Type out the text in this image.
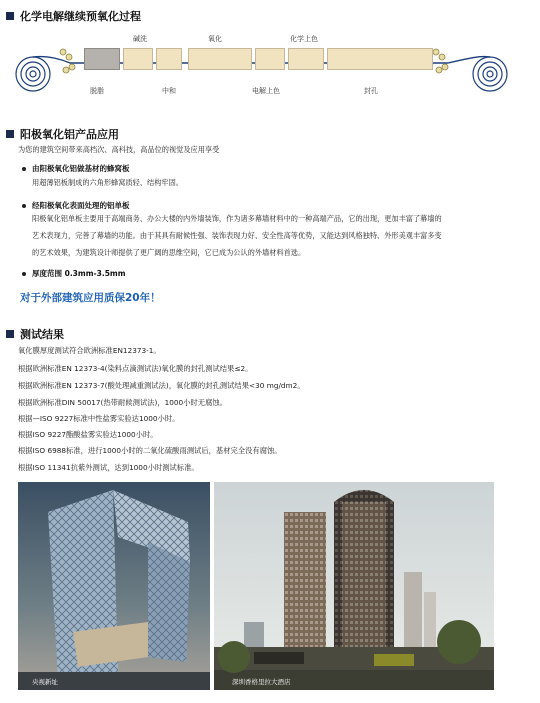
化学电解继续预氧化过程
碱洗	氧化	化学上色
脱脂	中和	电解上色	封孔
阳极氧化铝产品应用
为您的建筑空间带来高档次、高科技，高品位的视觉及应用享受
由阳极氧化铝做基材的蜂窝板
用超薄铝板制成的六角形蜂窝质轻、结构牢固。
经阳极氧化表面处理的铝单板
阳极氧化铝单板主要用于高端商务、办公大楼的内外墙装饰，作为诸多幕墙材料中的一种高端产品，它的出现，更加丰富了幕墙的
艺术表现力，完善了幕墙的功能。由于其具有耐候性强、装饰表现力好、安全性高等优势，又能达到风格独特、外形美观丰富多变
的艺术效果，为建筑设计师提供了更广阔的思维空间，它已成为公认的外墙材料首选。
厚度范围 0.3mm-3.5mm
对于外部建筑应用质保20年！
测试结果
氧化膜厚度测试符合欧洲标准EN12373-1。
根据欧洲标准EN 12373-4(染料点滴测试法)氧化膜的封孔测试结果≤2。
根据欧洲标准EN 12373-7(酸处理减重测试法)，氧化膜的封孔测试结果<30 mg/dm2。
根据欧洲标准DIN 50017(热带耐候测试法)，1000小时无腐蚀。
根据—ISO 9227标准中性盐雾实验达1000小时。
根据ISO 9227酯酸盐雾实验达1000小时。
根据ISO 6988标准，进行1000小时的二氧化硫酸雨测试后，基材完全没有腐蚀。
根据ISO 11341抗紫外测试，达到1000小时测试标准。
央视新址	深圳香格里拉大酒店
